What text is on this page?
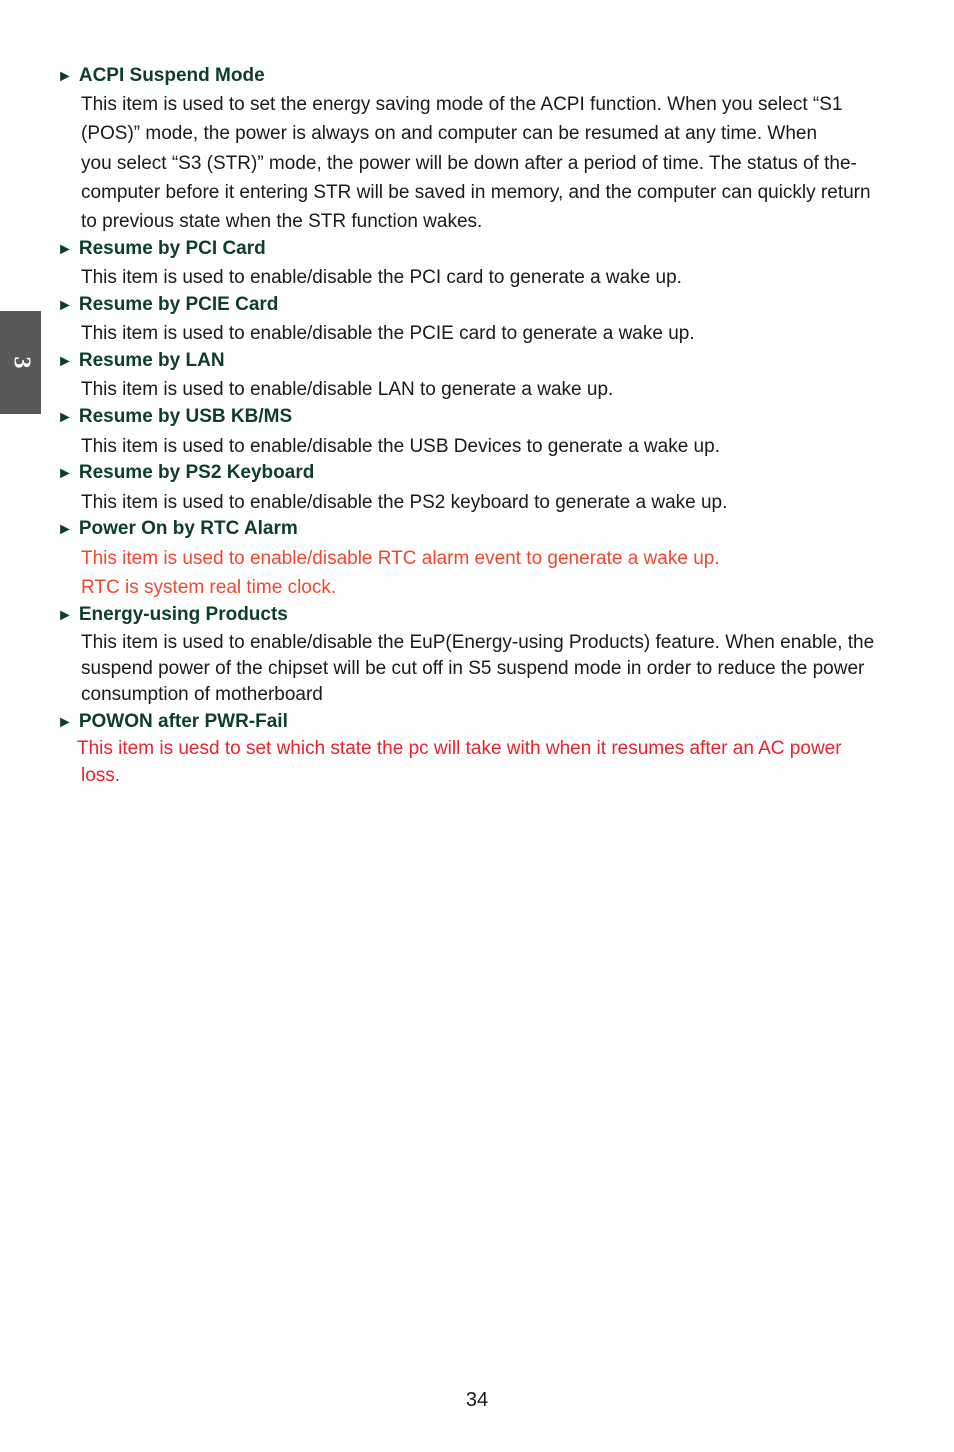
3
► ACPI Suspend Mode
This item is used to set the energy saving mode of the ACPI function. When you select “S1
(POS)” mode, the power is always on and computer can be resumed at any time. When
you select “S3 (STR)” mode, the power will be down after a period of time. The status of the-
computer before it entering STR will be saved in memory, and the computer can quickly return
to previous state when the STR function wakes.
► Resume by PCI Card
This item is used to enable/disable the PCI card to generate a wake up.
► Resume by PCIE Card
This item is used to enable/disable the PCIE card to generate a wake up.
► Resume by LAN
This item is used to enable/disable LAN to generate a wake up.
► Resume by USB KB/MS
This item is used to enable/disable the USB Devices to generate a wake up.
► Resume by PS2 Keyboard
This item is used to enable/disable the PS2 keyboard to generate a wake up.
► Power On by RTC Alarm
This item is used to enable/disable RTC alarm event to generate a wake up.
RTC is system real time clock.
► Energy-using Products
This item is used to enable/disable the EuP(Energy-using Products) feature. When enable, the
suspend power of the chipset will be cut off in S5 suspend mode in order to reduce the power
consumption of motherboard
► POWON after PWR-Fail
This item is uesd to set which state the pc will take with when it resumes after an AC power
loss.
34
